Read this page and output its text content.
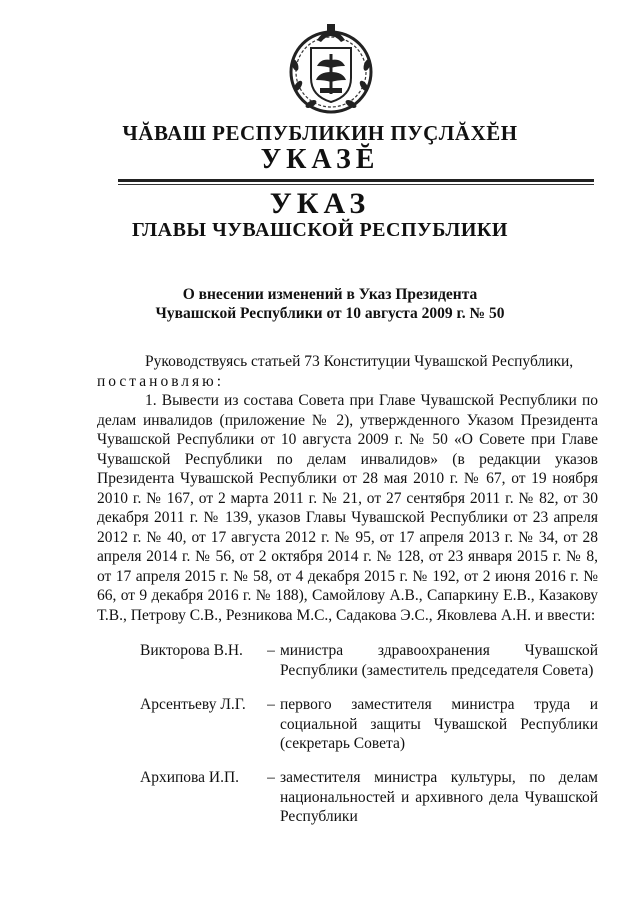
ЧĂВАШ РЕСПУБЛИКИН ПУҪЛĂХĔН
УКАЗĔ
УКАЗ
ГЛАВЫ ЧУВАШСКОЙ РЕСПУБЛИКИ
О внесении изменений в Указ Президента
Чувашской Республики от 10 августа 2009 г. № 50

Руководствуясь статьей 73 Конституции Чувашской Республики,

постановляю:

1. Вывести из состава Совета при Главе Чувашской Республики по делам инвалидов (приложение № 2), утвержденного Указом Президента Чувашской Республики от 10 августа 2009 г. № 50 «О Совете при Главе Чувашской Республики по делам инвалидов» (в редакции указов Президента Чувашской Республики от 28 мая 2010 г. № 67, от 19 ноября 2010 г. № 167, от 2 марта 2011 г. № 21, от 27 сентября 2011 г. № 82, от 30 декабря 2011 г. № 139, указов Главы Чувашской Республики от 23 апреля 2012 г. № 40, от 17 августа 2012 г. № 95, от 17 апреля 2013 г. № 34, от 28 апреля 2014 г. № 56, от 2 октября 2014 г. № 128, от 23 января 2015 г. № 8, от 17 апреля 2015 г. № 58, от 4 декабря 2015 г. № 192, от 2 июня 2016 г. № 66, от 9 декабря 2016 г. № 188), Самойлову А.В., Сапаркину Е.В., Казакову Т.В., Петрову С.В., Резникова М.С., Садакова Э.С., Яковлева А.Н. и ввести:

Викторова В.Н.	– министра здравоохранения Чувашской Республики (заместитель председателя Совета)
Арсентьеву Л.Г.	– первого заместителя министра труда и социальной защиты Чувашской Республики (секретарь Совета)
Архипова И.П.	– заместителя министра культуры, по делам национальностей и архивного дела Чувашской Республики
